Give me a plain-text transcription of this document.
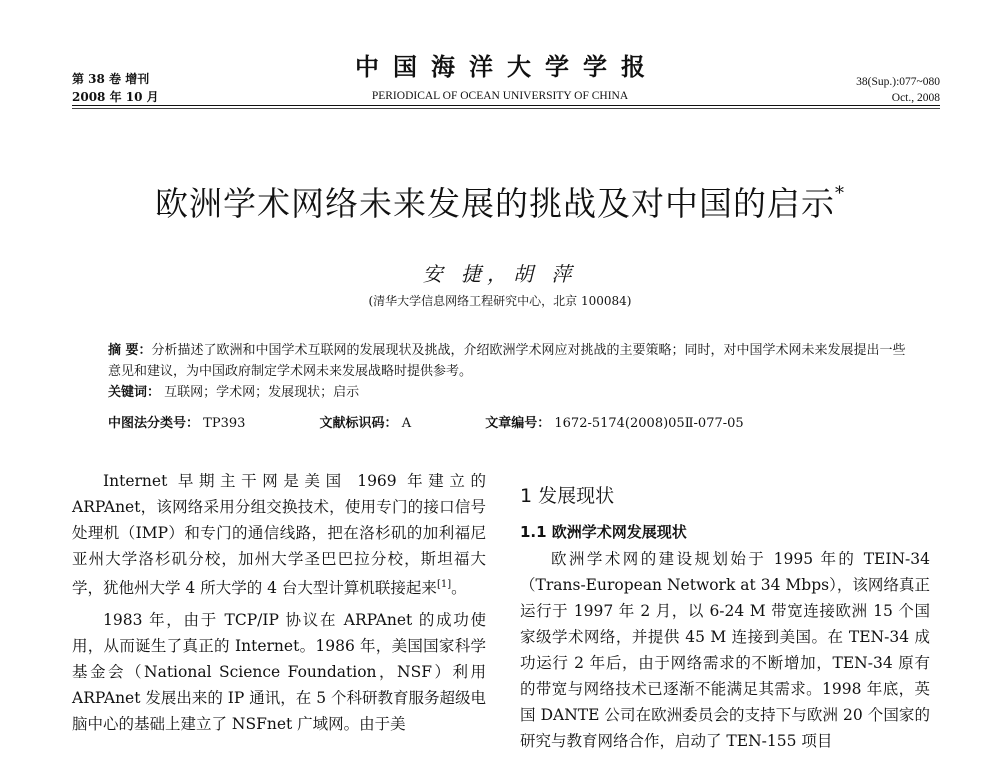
第 38 卷 增刊
2008 年 10 月
中国海洋大学学报
PERIODICAL OF OCEAN UNIVERSITY OF CHINA
38(Sup.):077~080
Oct., 2008
欧洲学术网络未来发展的挑战及对中国的启示*
安 捷，胡 萍
(清华大学信息网络工程研究中心，北京 100084)
摘 要：分析描述了欧洲和中国学术互联网的发展现状及挑战，介绍欧洲学术网应对挑战的主要策略；同时，对中国学术网未来发展提出一些意见和建议，为中国政府制定学术网未来发展战略时提供参考。
关键词： 互联网；学术网；发展现状；启示
中图法分类号： TP393	文献标识码： A	文章编号： 1672-5174(2008)05Ⅱ-077-05

Internet 早期主干网是美国 1969 年建立的 ARPAnet，该网络采用分组交换技术，使用专门的接口信号处理机（IMP）和专门的通信线路，把在洛杉矶的加利福尼亚州大学洛杉矶分校，加州大学圣巴巴拉分校，斯坦福大学，犹他州大学 4 所大学的 4 台大型计算机联接起来[1]。

1983 年，由于 TCP/IP 协议在 ARPAnet 的成功使用，从而诞生了真正的 Internet。1986 年，美国国家科学基金会（National Science Foundation，NSF）利用 ARPAnet 发展出来的 IP 通讯，在 5 个科研教育服务超级电脑中心的基础上建立了 NSFnet 广域网。由于美

1 发展现状
1.1 欧洲学术网发展现状

欧洲学术网的建设规划始于 1995 年的 TEIN-34（Trans-European Network at 34 Mbps），该网络真正运行于 1997 年 2 月，以 6-24 M 带宽连接欧洲 15 个国家级学术网络，并提供 45 M 连接到美国。在 TEN-34 成功运行 2 年后，由于网络需求的不断增加，TEN-34 原有的带宽与网络技术已逐渐不能满足其需求。1998 年底，英国 DANTE 公司在欧洲委员会的支持下与欧洲 20 个国家的研究与教育网络合作，启动了 TEN-155 项目
